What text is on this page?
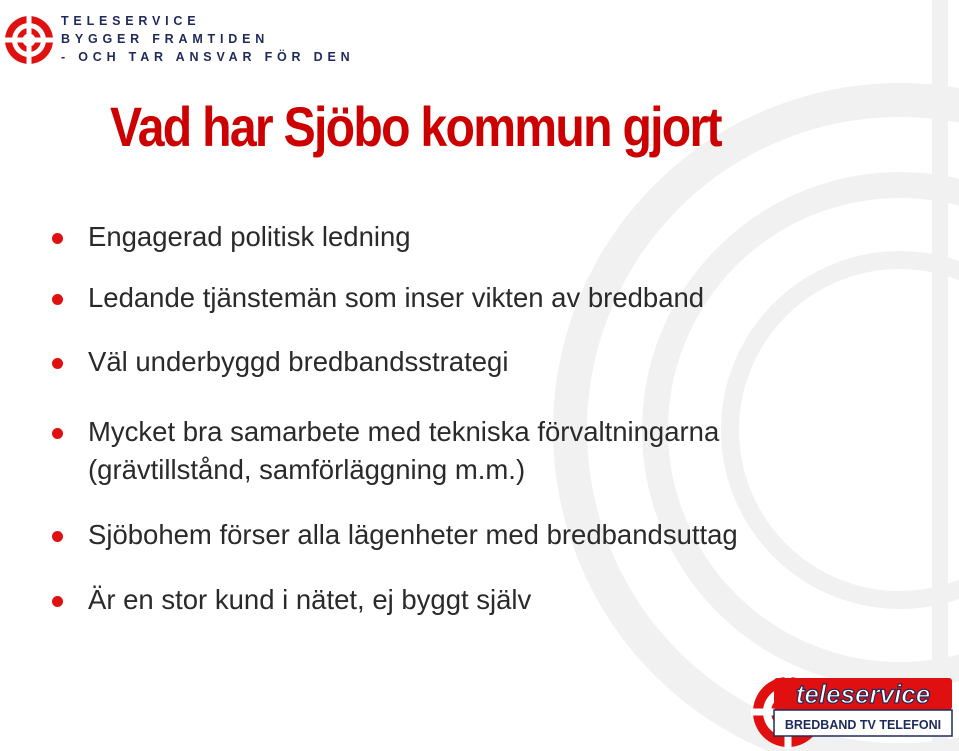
TELESERVICE
BYGGER FRAMTIDEN
- OCH TAR ANSVAR FÖR DEN
Vad har Sjöbo kommun gjort
Engagerad politisk ledning
Ledande tjänstemän som inser vikten av bredband
Väl underbyggd bredbandsstrategi
Mycket bra samarbete med tekniska förvaltningarna
(grävtillstånd, samförläggning m.m.)
Sjöbohem förser alla lägenheter med bredbandsuttag
Är en stor kund i nätet, ej byggt själv
teleservice
BREDBAND TV TELEFONI
